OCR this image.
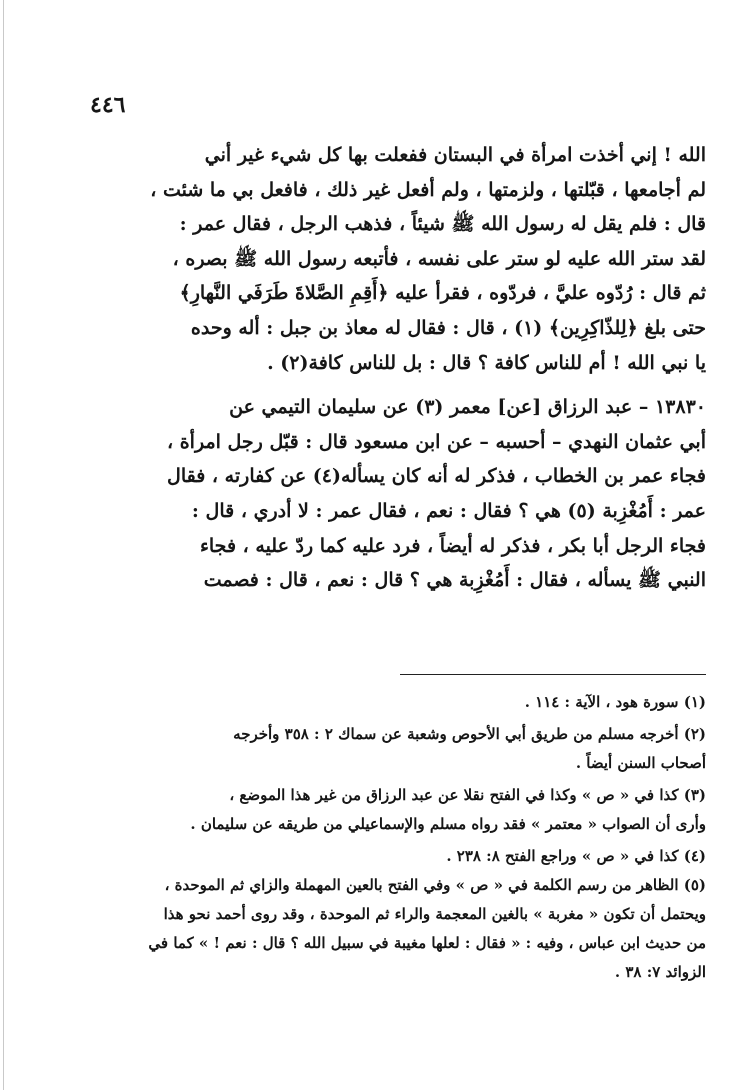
٤٤٦

الله ! إني أخذت امرأة في البستان ففعلت بها كل شيء غير أني
لم أجامعها ، قبّلتها ، ولزمتها ، ولم أفعل غير ذلك ، فافعل بي ما شئت ،
قال : فلم يقل له رسول الله ﷺ شيئاً ، فذهب الرجل ، فقال عمر :
لقد ستر الله عليه لو ستر على نفسه ، فأتبعه رسول الله ﷺ بصره ،
ثم قال : رُدّوه عليَّ ، فردّوه ، فقرأ عليه ﴿أَقِمِ الصَّلاةَ طَرَفَي النَّهارِ﴾
حتى بلغ ﴿لِلذّاكِرِين﴾ (١) ، قال : فقال له معاذ بن جبل : أله وحده
يا نبي الله ! أم للناس كافة ؟ قال : بل للناس كافة(٢) .

١٣٨٣٠ – عبد الرزاق [عن] معمر (٣) عن سليمان التيمي عن
أبي عثمان النهدي – أحسبه – عن ابن مسعود قال : قبّل رجل امرأة ،
فجاء عمر بن الخطاب ، فذكر له أنه كان يسأله(٤) عن كفارته ، فقال
عمر : أَمُغْزِبة (٥) هي ؟ فقال : نعم ، فقال عمر : لا أدري ، قال :
فجاء الرجل أبا بكر ، فذكر له أيضاً ، فرد عليه كما ردّ عليه ، فجاء
النبي ﷺ يسأله ، فقال : أَمُغْزِبة هي ؟ قال : نعم ، قال : فصمت

(١) سورة هود ، الآية : ١١٤ .

(٢) أخرجه مسلم من طريق أبي الأحوص وشعبة عن سماك ٢ : ٣٥٨ وأخرجه
أصحاب السنن أيضاً .

(٣) كذا في « ص » وكذا في الفتح نقلا عن عبد الرزاق من غير هذا الموضع ،
وأرى أن الصواب « معتمر » فقد رواه مسلم والإسماعيلي من طريقه عن سليمان .

(٤) كذا في « ص » وراجع الفتح ٨: ٢٣٨ .

(٥) الظاهر من رسم الكلمة في « ص » وفي الفتح بالعين المهملة والزاي ثم الموحدة ،
ويحتمل أن تكون « مغربة » بالغين المعجمة والراء ثم الموحدة ، وقد روى أحمد نحو هذا
من حديث ابن عباس ، وفيه : « فقال : لعلها مغيبة في سبيل الله ؟ قال : نعم ! » كما في
الزوائد ٧: ٣٨ .
